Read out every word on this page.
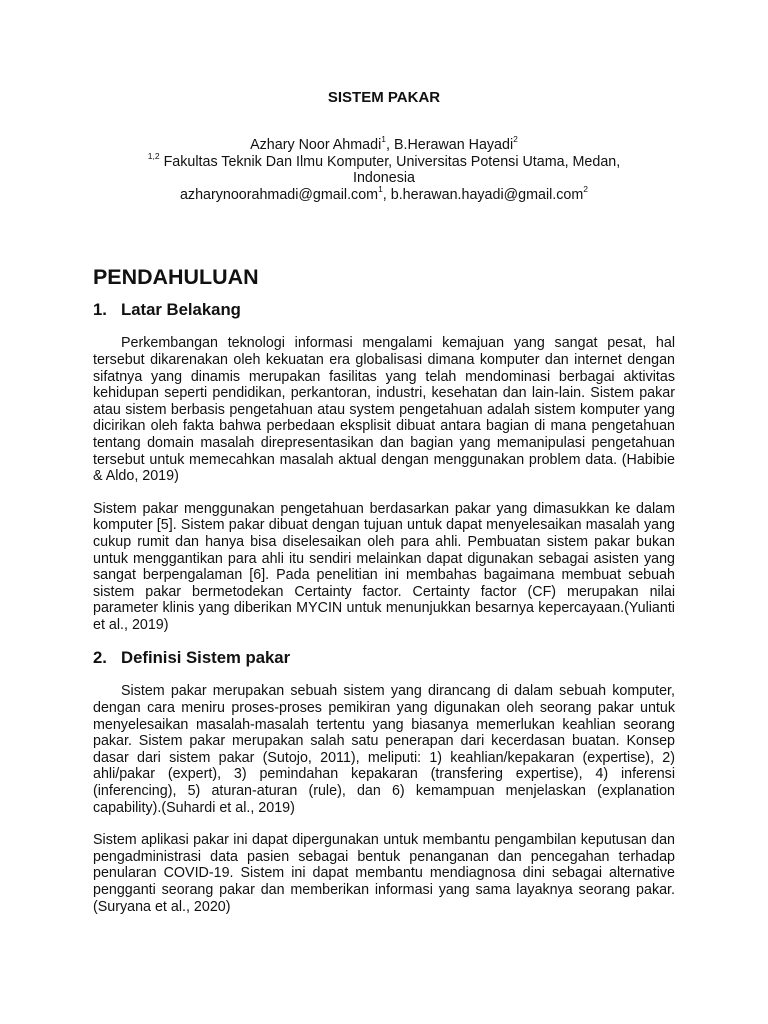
SISTEM PAKAR

Azhary Noor Ahmadi$^1$, B.Herawan Hayadi$^2$

$^{1,2}$ Fakultas Teknik Dan Ilmu Komputer, Universitas Potensi Utama, Medan,

Indonesia

azharynoorahmadi@gmail.com$^1$, b.herawan.hayadi@gmail.com$^2$

PENDAHULUAN
1. Latar Belakang

Perkembangan teknologi informasi mengalami kemajuan yang sangat pesat, hal tersebut dikarenakan oleh kekuatan era globalisasi dimana komputer dan internet dengan sifatnya yang dinamis merupakan fasilitas yang telah mendominasi berbagai aktivitas kehidupan seperti pendidikan, perkantoran, industri, kesehatan dan lain-lain. Sistem pakar atau sistem berbasis pengetahuan atau system pengetahuan adalah sistem komputer yang dicirikan oleh fakta bahwa perbedaan eksplisit dibuat antara bagian di mana pengetahuan tentang domain masalah direpresentasikan dan bagian yang memanipulasi pengetahuan tersebut untuk memecahkan masalah aktual dengan menggunakan problem data. (Habibie & Aldo, 2019)

Sistem pakar menggunakan pengetahuan berdasarkan pakar yang dimasukkan ke dalam komputer [5]. Sistem pakar dibuat dengan tujuan untuk dapat menyelesaikan masalah yang cukup rumit dan hanya bisa diselesaikan oleh para ahli. Pembuatan sistem pakar bukan untuk menggantikan para ahli itu sendiri melainkan dapat digunakan sebagai asisten yang sangat berpengalaman [6]. Pada penelitian ini membahas bagaimana membuat sebuah sistem pakar bermetodekan Certainty factor. Certainty factor (CF) merupakan nilai parameter klinis yang diberikan MYCIN untuk menunjukkan besarnya kepercayaan.(Yulianti et al., 2019)

2. Definisi Sistem pakar

Sistem pakar merupakan sebuah sistem yang dirancang di dalam sebuah komputer, dengan cara meniru proses-proses pemikiran yang digunakan oleh seorang pakar untuk menyelesaikan masalah-masalah tertentu yang biasanya memerlukan keahlian seorang pakar. Sistem pakar merupakan salah satu penerapan dari kecerdasan buatan. Konsep dasar dari sistem pakar (Sutojo, 2011), meliputi: 1) keahlian/kepakaran (expertise), 2) ahli/pakar (expert), 3) pemindahan kepakaran (transfering expertise), 4) inferensi (inferencing), 5) aturan-aturan (rule), dan 6) kemampuan menjelaskan (explanation capability).(Suhardi et al., 2019)

Sistem aplikasi pakar ini dapat dipergunakan untuk membantu pengambilan keputusan dan pengadministrasi data pasien sebagai bentuk penanganan dan pencegahan terhadap penularan COVID-19. Sistem ini dapat membantu mendiagnosa dini sebagai alternative pengganti seorang pakar dan memberikan informasi yang sama layaknya seorang pakar.(Suryana et al., 2020)
